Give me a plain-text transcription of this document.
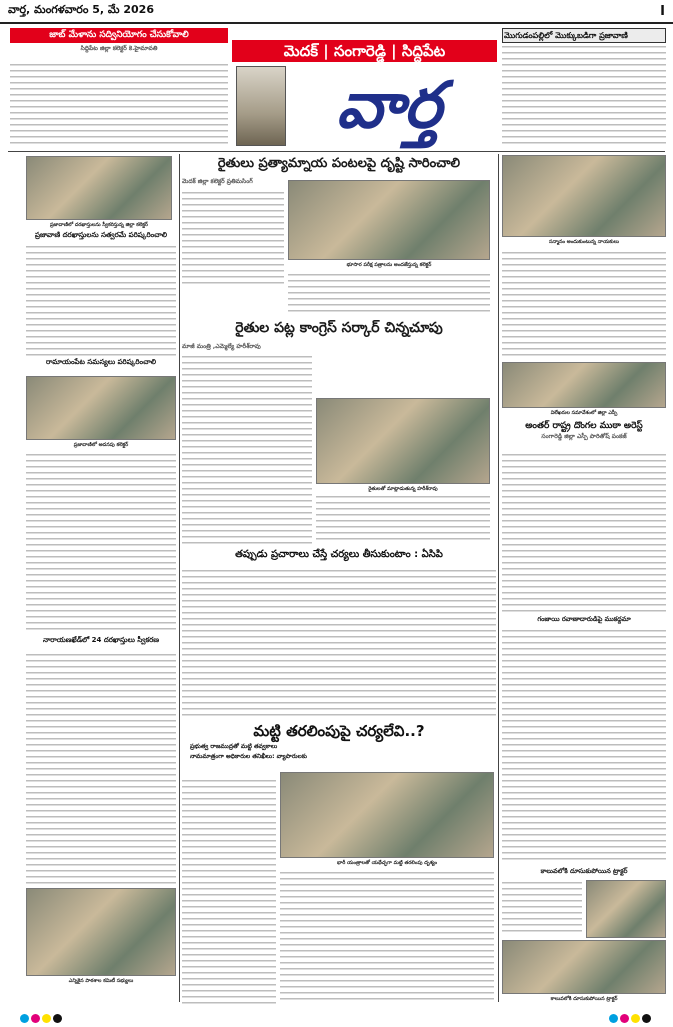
వార్త, మంగళవారం 5, మే 2026	I
జాబ్ మేళాను సద్వినియోగం చేసుకోవాలి
సిద్దిపేట జిల్లా కలెక్టర్ కె.హైమావతి	మెదక్ | సంగారెడ్డి | సిద్దిపేట
వార్త
మొగుడంపల్లిలో మొక్కుబడిగా ప్రజావాణి
ప్రజావాణిలో దరఖాస్తులను స్వీకరిస్తున్న జిల్లా కలెక్టర్
ప్రజావాణి దరఖాస్తులను సత్వరమే పరిష్కరించాలి
రామాయంపేట సమస్యలు పరిష్కరించాలి
ప్రజావాణిలో అదనపు కలెక్టర్
నారాయణఖేడ్‌లో 24 దరఖాస్తులు స్వీకరణ
ఎన్నికైన పాఠశాల కమిటీ సభ్యులు
రైతులు ప్రత్యామ్నాయ పంటలపై దృష్టి సారించాలి
మెదక్ జిల్లా కలెక్టర్ ప్రతిమసింగ్
భూసార పరీక్ష పత్రాలను అందజేస్తున్న కలెక్టర్
రైతుల పట్ల కాంగ్రెస్ సర్కార్ చిన్నచూపు
మాజీ మంత్రి ,ఎమ్మెల్యే హరీశ్‌రావు
రైతులతో మాట్లాడుతున్న హరీశ్‌రావు
తప్పుడు ప్రచారాలు చేస్తే చర్యలు తీసుకుంటాం : ఏసిపి
మట్టి తరలింపుపై చర్యలేవి..?
ప్రభుత్వ రాజముద్రతో మట్టి తవ్వకాలు
నామమాత్రంగా అధికారుల తనిఖీలు: వ్యాపారులకు
భారీ యంత్రాలతో యథేచ్ఛగా మట్టి తరలింపు దృశ్యం
సన్మానం అందుకుంటున్న నాయకులు
విలేఖరుల సమావేశంలో జిల్లా ఎస్పీ
అంతర్ రాష్ట్ర దొంగల ముఠా అరెస్ట్
సంగారెడ్డి జిల్లా ఎస్పీ పారితోష్ పంకజ్
గంజాయి రవాణాదారుడిపై ముకద్దమా
కాలువలోకి దూసుకుపోయిన ట్రాక్టర్
కాలువలోకి దూసుకుపోయిన ట్రాక్టర్
